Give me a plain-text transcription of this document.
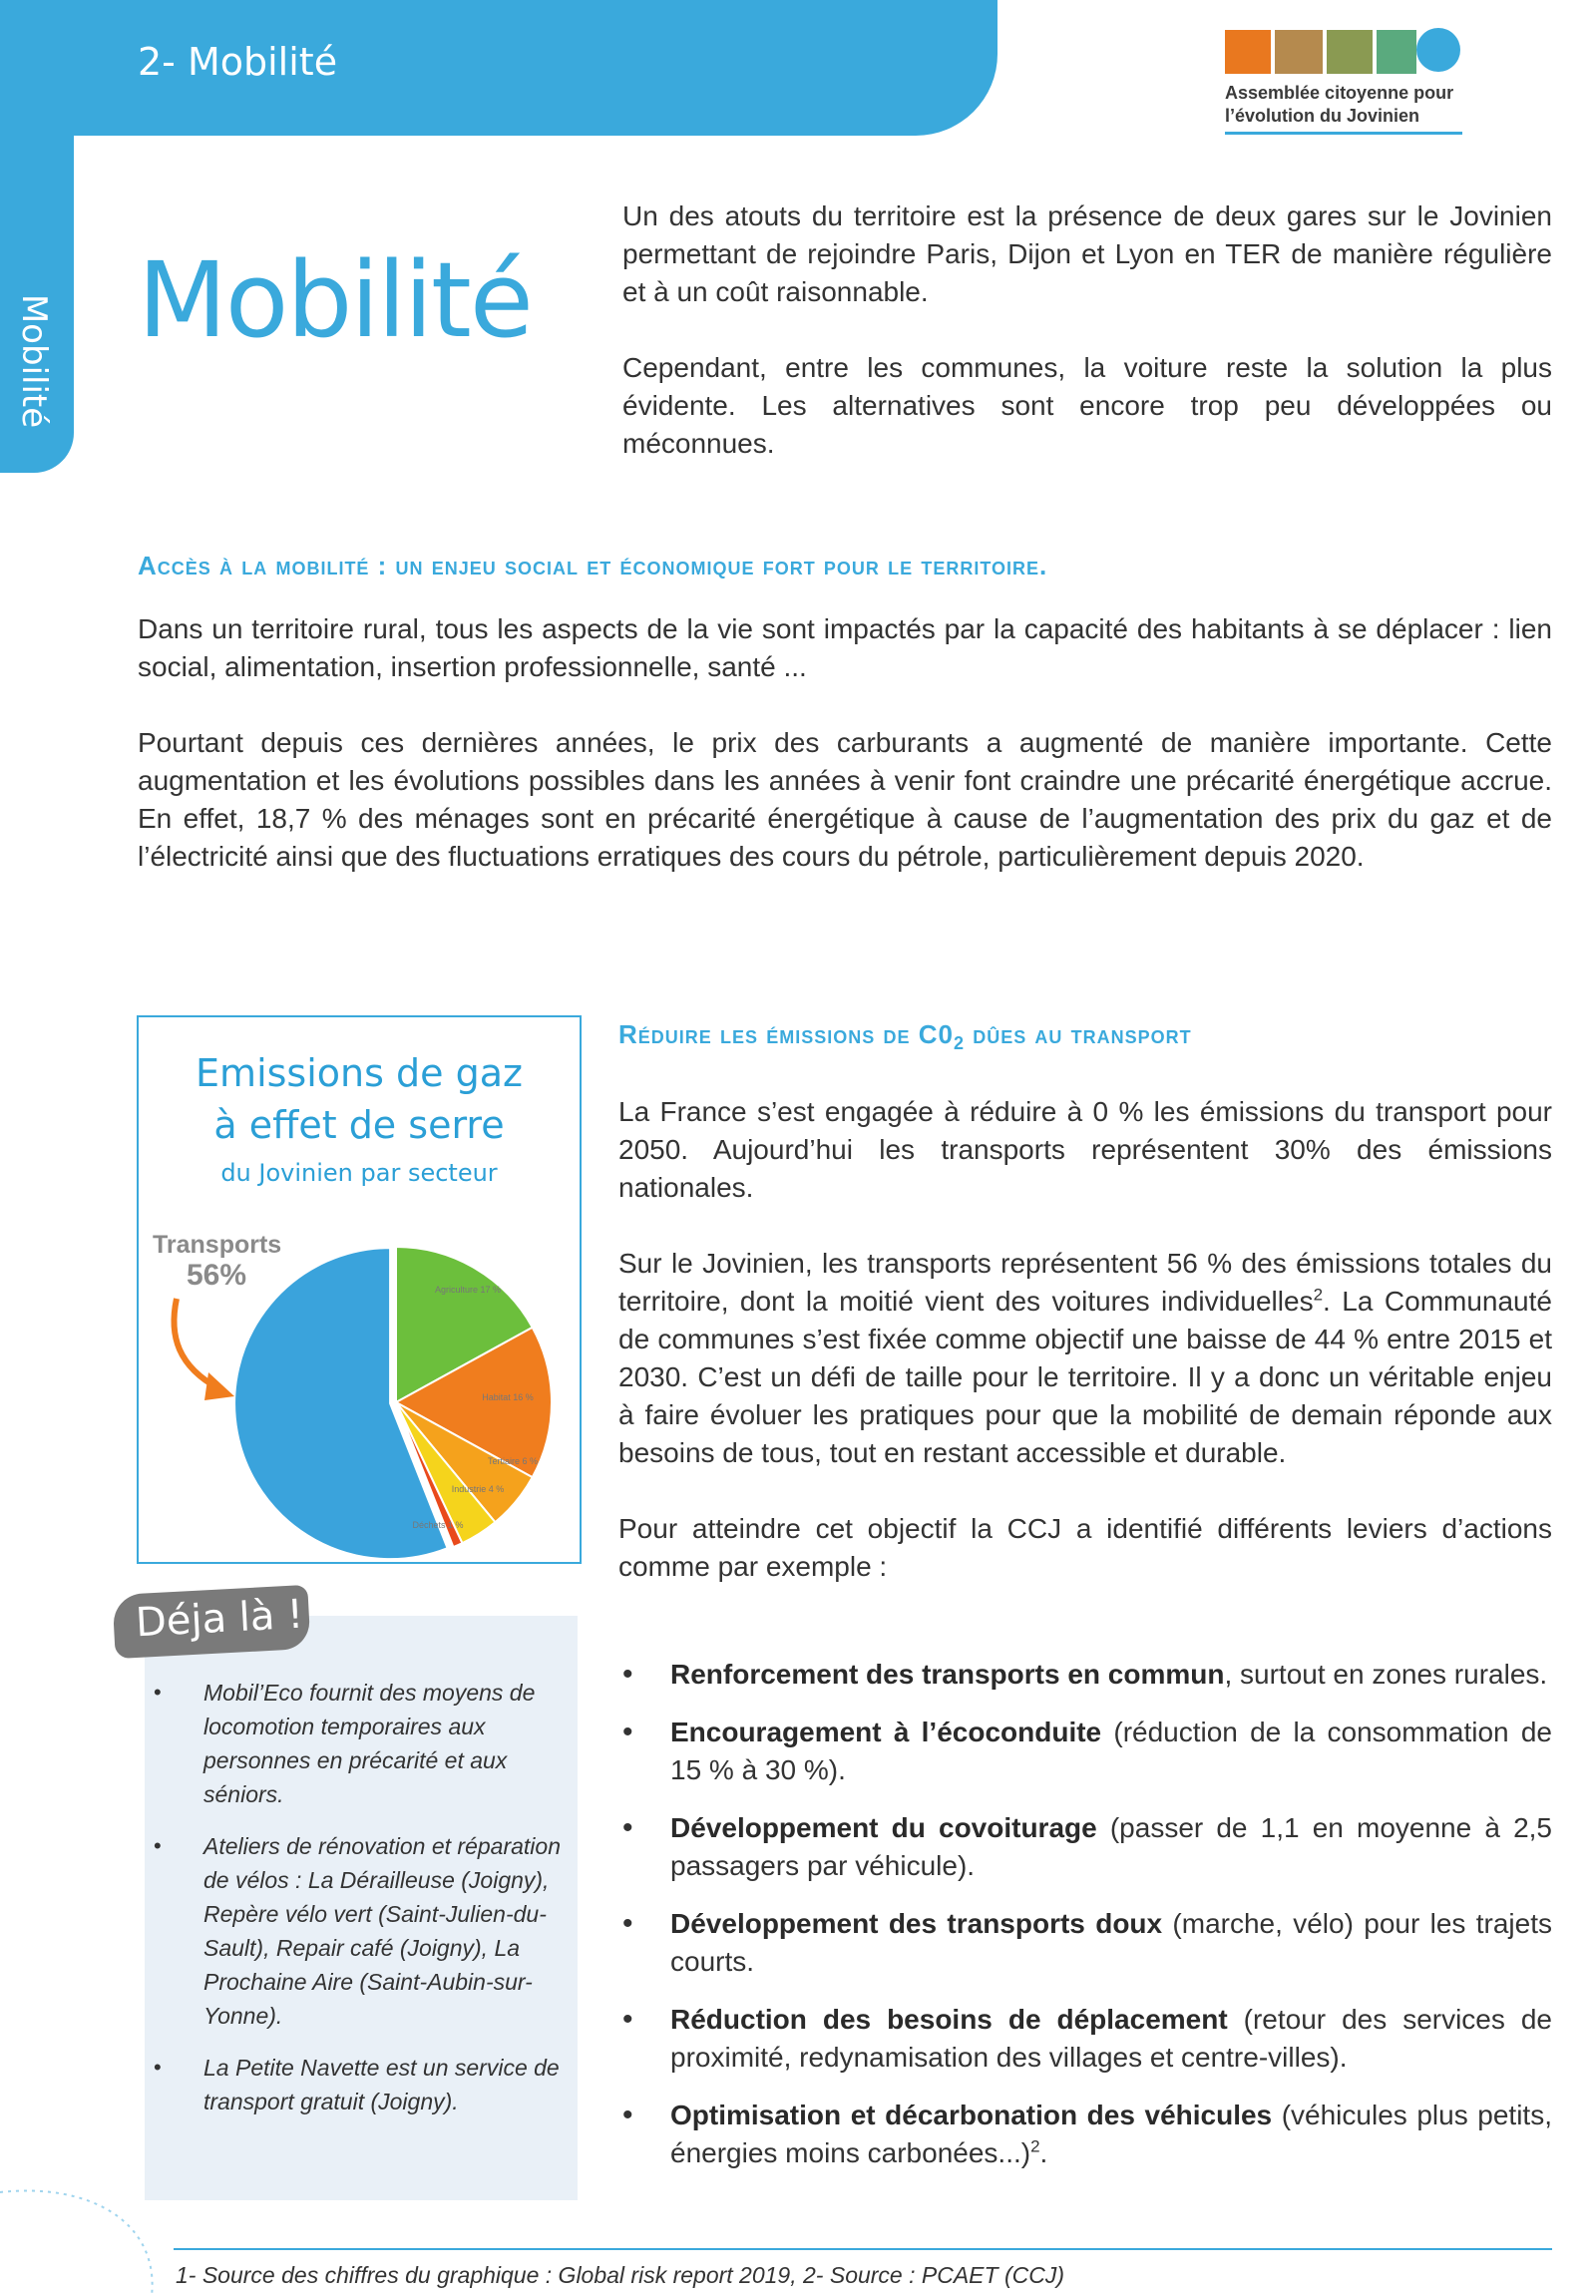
2- Mobilité
Mobilité
Assemblée citoyenne pour
l’évolution du Jovinien
Mobilité

Un des atouts du territoire est la présence de deux gares sur le Jovinien permettant de rejoindre Paris, Dijon et Lyon en TER de manière régulière et à un coût raisonnable.

Cependant, entre les communes, la voiture reste la solution la plus évidente. Les alternatives sont encore trop peu développées ou méconnues.

Accès à la mobilité : un enjeu social et économique fort pour le territoire.

Dans un territoire rural, tous les aspects de la vie sont impactés par la capacité des habitants à se déplacer : lien social, alimentation, insertion professionnelle, santé ...

Pourtant depuis ces dernières années, le prix des carburants a augmenté de manière importante. Cette augmentation et les évolutions possibles dans les années à venir font craindre une précarité énergétique accrue. En effet, 18,7 % des ménages sont en précarité énergétique à cause de l’augmentation des prix du gaz et de l’électricité ainsi que des fluctuations erratiques des cours du pétrole, particulièrement depuis 2020.

Emissions de gaz
à effet de serre
du Jovinien par secteur
Agriculture 17 %
Habitat 16 %
Tertiaire 6 %
Industrie 4 %
Déchets 1 %
Transports
56%
Déja là !
• Mobil’Eco fournit des moyens de locomotion temporaires aux personnes en précarité et aux séniors.
• Ateliers de rénovation et réparation de vélos : La Dérailleuse (Joigny), Repère vélo vert (Saint-Julien-du-Sault), Repair café (Joigny), La Prochaine Aire (Saint-Aubin-sur-Yonne).
• La Petite Navette est un service de transport gratuit (Joigny).
Réduire les émissions de $C0_2$ dûes au transport

La France s’est engagée à réduire à 0 % les émissions du transport pour 2050. Aujourd’hui les transports représentent 30% des émissions nationales.

Sur le Jovinien, les transports représentent 56 % des émissions totales du territoire, dont la moitié vient des voitures individuelles$^2$. La Communauté de communes s’est fixée comme objectif une baisse de 44 % entre 2015 et 2030. C’est un défi de taille pour le territoire. Il y a donc un véritable enjeu à faire évoluer les pratiques pour que la mobilité de demain réponde aux besoins de tous, tout en restant accessible et durable.

Pour atteindre cet objectif la CCJ a identifié différents leviers d’actions comme par exemple :

• Renforcement des transports en commun, surtout en zones rurales.
• Encouragement à l’écoconduite (réduction de la consommation de 15 % à 30 %).
• Développement du covoiturage (passer de 1,1 en moyenne à 2,5 passagers par véhicule).
• Développement des transports doux (marche, vélo) pour les trajets courts.
• Réduction des besoins de déplacement (retour des services de proximité, redynamisation des villages et centre-villes).
• Optimisation et décarbonation des véhicules (véhicules plus petits, énergies moins carbonées...)$^2$.
1- Source des chiffres du graphique : Global risk report 2019, 2- Source : PCAET (CCJ)
